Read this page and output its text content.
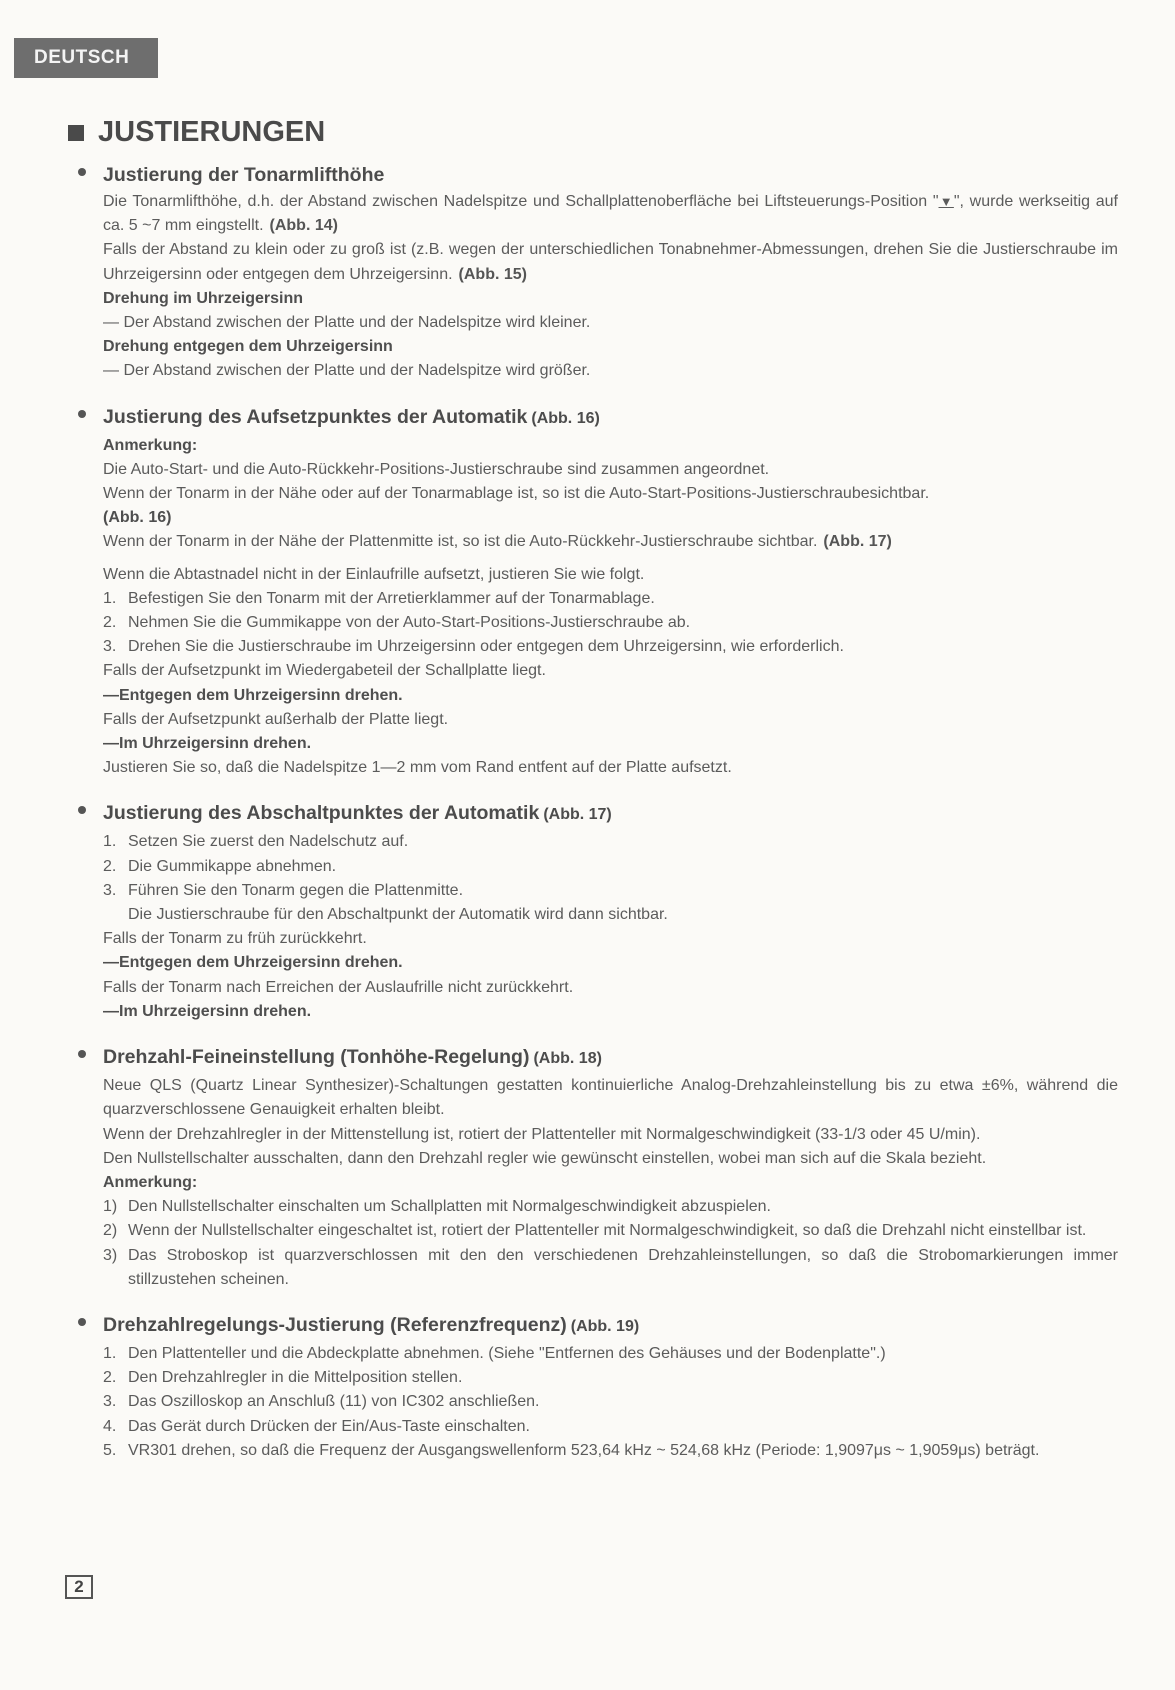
DEUTSCH
JUSTIERUNGEN
Justierung der Tonarmlifthöhe

Die Tonarmlifthöhe, d.h. der Abstand zwischen Nadelspitze und Schallplattenoberfläche bei Liftsteuerungs-Position "▼", wurde werkseitig auf ca. 5 ~7 mm eingstellt. (Abb. 14)

Falls der Abstand zu klein oder zu groß ist (z.B. wegen der unterschiedlichen Tonabnehmer-Abmessungen, drehen Sie die Justierschraube im Uhrzeigersinn oder entgegen dem Uhrzeigersinn. (Abb. 15)

Drehung im Uhrzeigersinn

— Der Abstand zwischen der Platte und der Nadelspitze wird kleiner.

Drehung entgegen dem Uhrzeigersinn

— Der Abstand zwischen der Platte und der Nadelspitze wird größer.

Justierung des Aufsetzpunktes der Automatik (Abb. 16)

Anmerkung:

Die Auto-Start- und die Auto-Rückkehr-Positions-Justierschraube sind zusammen angeordnet.

Wenn der Tonarm in der Nähe oder auf der Tonarmablage ist, so ist die Auto-Start-Positions-Justierschraubesichtbar.

(Abb. 16)

Wenn der Tonarm in der Nähe der Plattenmitte ist, so ist die Auto-Rückkehr-Justierschraube sichtbar. (Abb. 17)

Wenn die Abtastnadel nicht in der Einlaufrille aufsetzt, justieren Sie wie folgt.

1. Befestigen Sie den Tonarm mit der Arretierklammer auf der Tonarmablage.
2. Nehmen Sie die Gummikappe von der Auto-Start-Positions-Justierschraube ab.
3. Drehen Sie die Justierschraube im Uhrzeigersinn oder entgegen dem Uhrzeigersinn, wie erforderlich.

Falls der Aufsetzpunkt im Wiedergabeteil der Schallplatte liegt.

—Entgegen dem Uhrzeigersinn drehen.

Falls der Aufsetzpunkt außerhalb der Platte liegt.

—Im Uhrzeigersinn drehen.

Justieren Sie so, daß die Nadelspitze 1—2 mm vom Rand entfent auf der Platte aufsetzt.

Justierung des Abschaltpunktes der Automatik (Abb. 17)
1. Setzen Sie zuerst den Nadelschutz auf.
2. Die Gummikappe abnehmen.
3. Führen Sie den Tonarm gegen die Plattenmitte.

Die Justierschraube für den Abschaltpunkt der Automatik wird dann sichtbar.

Falls der Tonarm zu früh zurückkehrt.

—Entgegen dem Uhrzeigersinn drehen.

Falls der Tonarm nach Erreichen der Auslaufrille nicht zurückkehrt.

—Im Uhrzeigersinn drehen.

Drehzahl-Feineinstellung (Tonhöhe-Regelung) (Abb. 18)

Neue QLS (Quartz Linear Synthesizer)-Schaltungen gestatten kontinuierliche Analog-Drehzahleinstellung bis zu etwa ±6%, während die quarzverschlossene Genauigkeit erhalten bleibt.

Wenn der Drehzahlregler in der Mittenstellung ist, rotiert der Plattenteller mit Normalgeschwindigkeit (33-1/3 oder 45 U/min).

Den Nullstellschalter ausschalten, dann den Drehzahl regler wie gewünscht einstellen, wobei man sich auf die Skala bezieht.

Anmerkung:

1) Den Nullstellschalter einschalten um Schallplatten mit Normalgeschwindigkeit abzuspielen.
2) Wenn der Nullstellschalter eingeschaltet ist, rotiert der Plattenteller mit Normalgeschwindigkeit, so daß die Drehzahl nicht einstellbar ist.
3) Das Stroboskop ist quarzverschlossen mit den den verschiedenen Drehzahleinstellungen, so daß die Strobomarkierungen immer stillzustehen scheinen.
Drehzahlregelungs-Justierung (Referenzfrequenz) (Abb. 19)
1. Den Plattenteller und die Abdeckplatte abnehmen. (Siehe "Entfernen des Gehäuses und der Bodenplatte".)
2. Den Drehzahlregler in die Mittelposition stellen.
3. Das Oszilloskop an Anschluß (11) von IC302 anschließen.
4. Das Gerät durch Drücken der Ein/Aus-Taste einschalten.
5. VR301 drehen, so daß die Frequenz der Ausgangswellenform 523,64 kHz ~ 524,68 kHz (Periode: 1,9097μs ~ 1,9059μs) beträgt.
2
